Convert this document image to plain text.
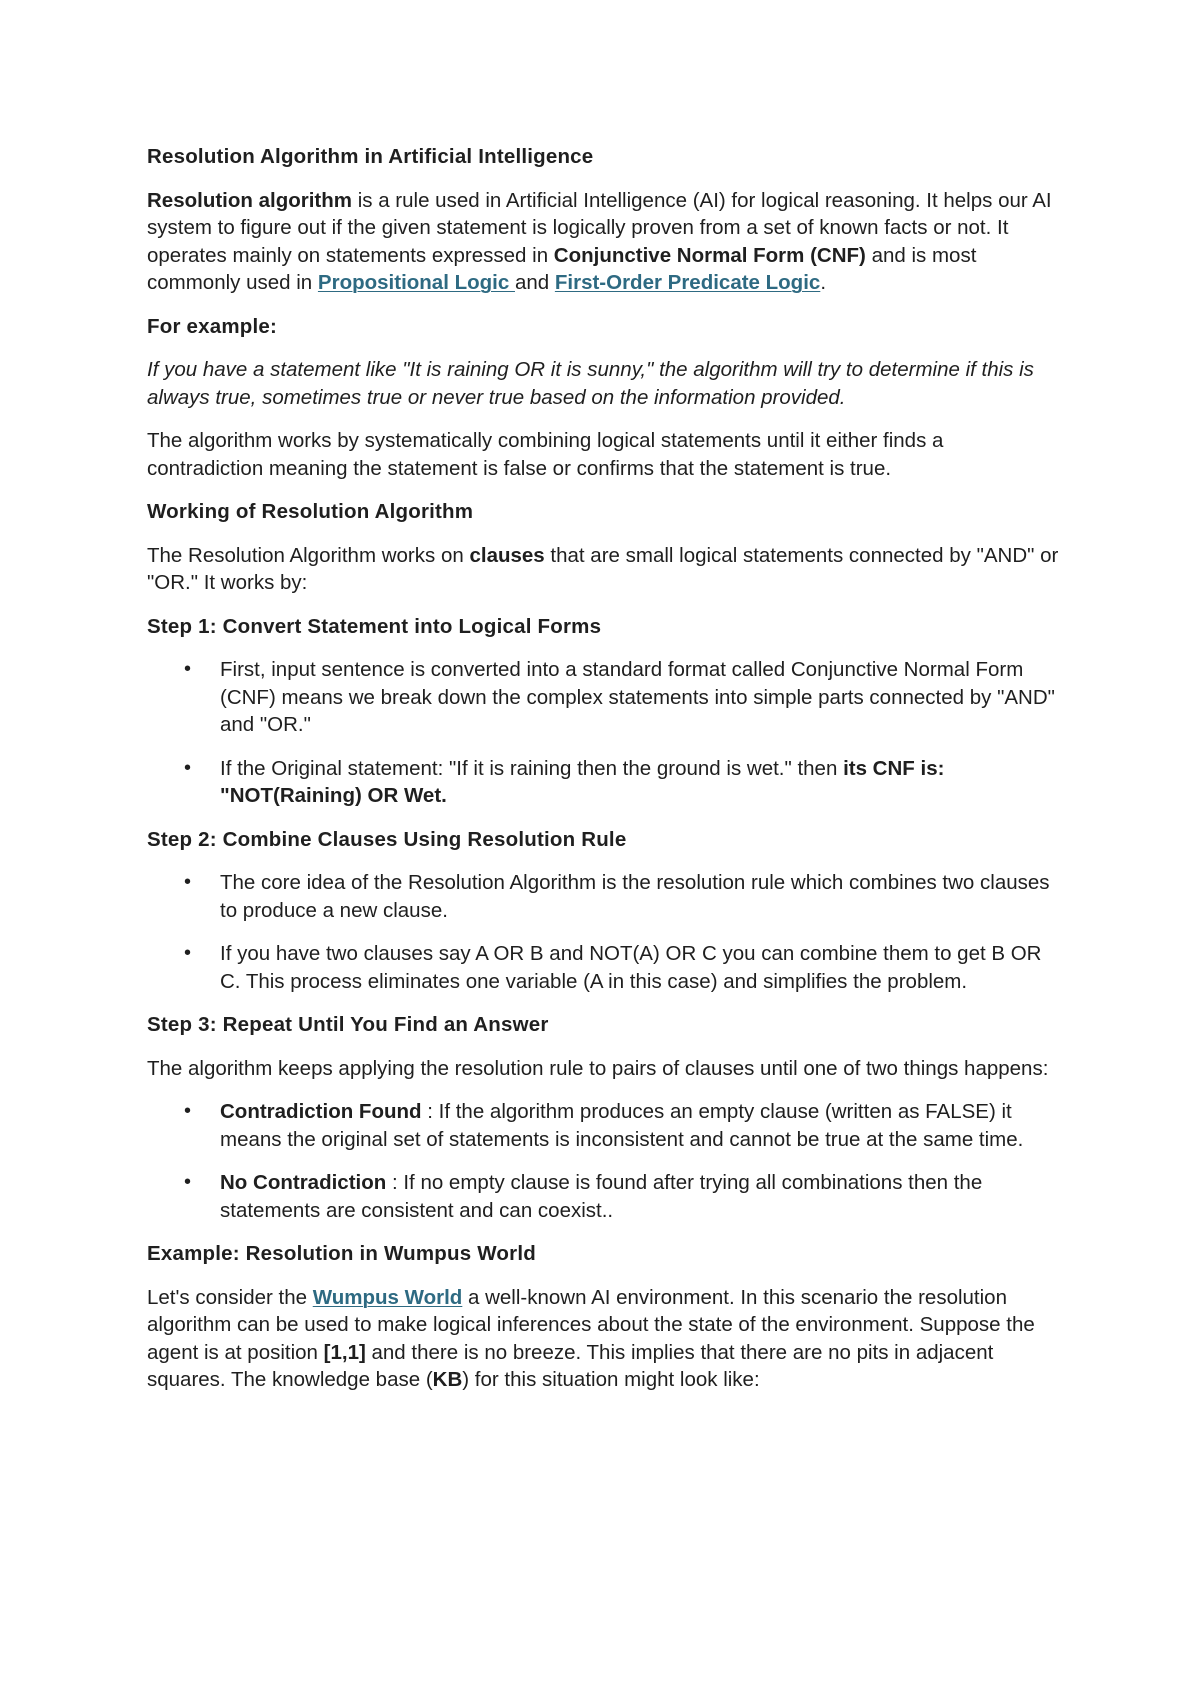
Resolution Algorithm in Artificial Intelligence

Resolution algorithm is a rule used in Artificial Intelligence (AI) for logical reasoning. It helps our AI system to figure out if the given statement is logically proven from a set of known facts or not. It operates mainly on statements expressed in Conjunctive Normal Form (CNF) and is most commonly used in Propositional Logic and First-Order Predicate Logic.

For example:

If you have a statement like "It is raining OR it is sunny," the algorithm will try to determine if this is always true, sometimes true or never true based on the information provided.

The algorithm works by systematically combining logical statements until it either finds a contradiction meaning the statement is false or confirms that the statement is true.

Working of Resolution Algorithm

The Resolution Algorithm works on clauses that are small logical statements connected by "AND" or "OR." It works by:

Step 1: Convert Statement into Logical Forms

• First, input sentence is converted into a standard format called Conjunctive Normal Form (CNF) means we break down the complex statements into simple parts connected by "AND" and "OR."
• If the Original statement: "If it is raining then the ground is wet." then its CNF is: "NOT(Raining) OR Wet.

Step 2: Combine Clauses Using Resolution Rule

• The core idea of the Resolution Algorithm is the resolution rule which combines two clauses to produce a new clause.
• If you have two clauses say A OR B and NOT(A) OR C you can combine them to get B OR C. This process eliminates one variable (A in this case) and simplifies the problem.

Step 3: Repeat Until You Find an Answer

The algorithm keeps applying the resolution rule to pairs of clauses until one of two things happens:

• Contradiction Found : If the algorithm produces an empty clause (written as FALSE) it means the original set of statements is inconsistent and cannot be true at the same time.
• No Contradiction : If no empty clause is found after trying all combinations then the statements are consistent and can coexist..

Example: Resolution in Wumpus World

Let's consider the Wumpus World a well-known AI environment. In this scenario the resolution algorithm can be used to make logical inferences about the state of the environment. Suppose the agent is at position [1,1] and there is no breeze. This implies that there are no pits in adjacent squares. The knowledge base (KB) for this situation might look like:
